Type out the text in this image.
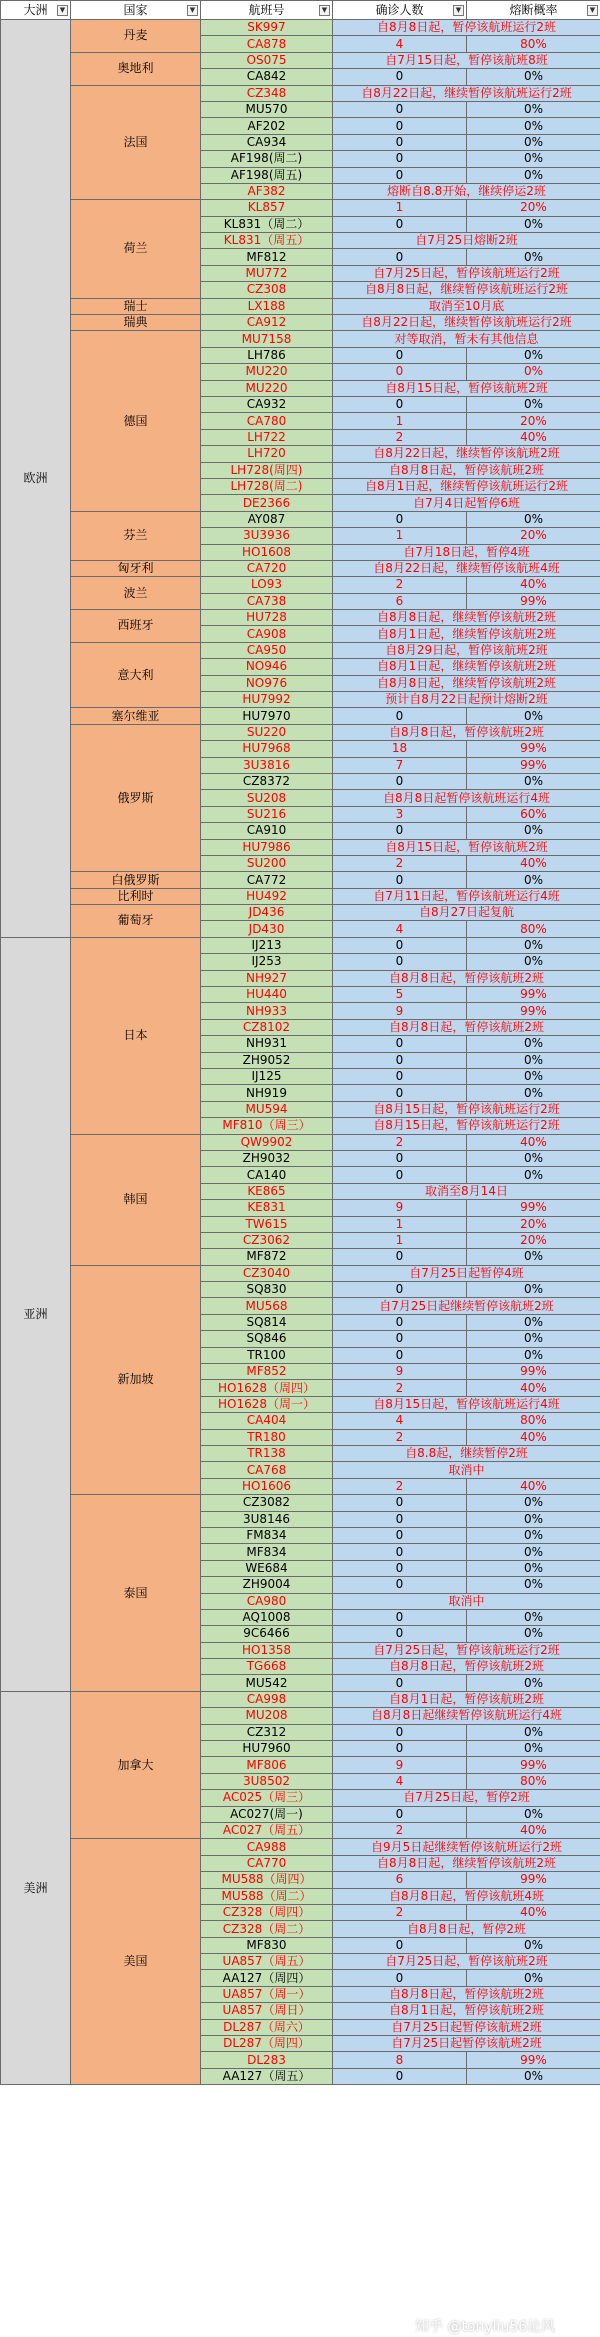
大洲 ▼	国家 ▼	航班号 ▼	确诊人数 ▼	熔断概率 ▼

欧洲	丹麦	SK997	自8月8日起，暂停该航班运行2班	
		CA878	4	80%
	奥地利	OS075	自7月15日起，暂停该航班8班	
		CA842	0	0%
	法国	CZ348	自8月22日起，继续暂停该航班运行2班	
		MU570	0	0%
		AF202	0	0%
		CA934	0	0%
		AF198(周二)	0	0%
		AF198(周五)	0	0%
		AF382	熔断自8.8开始，继续停运2班	
	荷兰	KL857	1	20%
		KL831（周二）	0	0%
		KL831（周五）	自7月25日熔断2班	
		MF812	0	0%
		MU772	自7月25日起，暂停该航班运行2班	
		CZ308	自8月8日起，继续暂停该航班运行2班	
	瑞士	LX188	取消至10月底	
	瑞典	CA912	自8月22日起，继续暂停该航班运行2班	
	德国	MU7158	对等取消，暂未有其他信息	
		LH786	0	0%
		MU220	0	0%
		MU220	自8月15日起，暂停该航班2班	
		CA932	0	0%
		CA780	1	20%
		LH722	2	40%
		LH720	自8月22日起，继续暂停该航班2班	
		LH728(周四)	自8月8日起，暂停该航班2班	
		LH728(周二)	自8月1日起，继续暂停该航班运行2班	
		DE2366	自7月4日起暂停6班	
	芬兰	AY087	0	0%
		3U3936	1	20%
		HO1608	自7月18日起，暂停4班	
	匈牙利	CA720	自8月22日起，继续暂停该航班4班	
	波兰	LO93	2	40%
		CA738	6	99%
	西班牙	HU728	自8月8日起，继续暂停该航班2班	
		CA908	自8月1日起，继续暂停该航班2班	
	意大利	CA950	自8月29日起，暂停该航班2班	
		NO946	自8月1日起，继续暂停该航班2班	
		NO976	自8月8日起，继续暂停该航班2班	
		HU7992	预计自8月22日起预计熔断2班	
	塞尔维亚	HU7970	0	0%
	俄罗斯	SU220	自8月8日起，暂停该航班2班	
		HU7968	18	99%
		3U3816	7	99%
		CZ8372	0	0%
		SU208	自8月8日起暂停该航班运行4班	
		SU216	3	60%
		CA910	0	0%
		HU7986	自8月15日起，暂停该航班2班	
		SU200	2	40%
	白俄罗斯	CA772	0	0%
	比利时	HU492	自7月11日起，暂停该航班运行4班	
	葡萄牙	JD436	自8月27日起复航	
		JD430	4	80%
亚洲	日本	IJ213	0	0%
		IJ253	0	0%
		NH927	自8月8日起，暂停该航班2班	
		HU440	5	99%
		NH933	9	99%
		CZ8102	自8月8日起，暂停该航班2班	
		NH931	0	0%
		ZH9052	0	0%
		IJ125	0	0%
		NH919	0	0%
		MU594	自8月15日起，暂停该航班运行2班	
		MF810（周三）	自8月15日起，暂停该航班运行2班	
	韩国	QW9902	2	40%
		ZH9032	0	0%
		CA140	0	0%
		KE865	取消至8月14日	
		KE831	9	99%
		TW615	1	20%
		CZ3062	1	20%
		MF872	0	0%
	新加坡	CZ3040	自7月25日起暂停4班	
		SQ830	0	0%
		MU568	自7月25日起继续暂停该航班2班	
		SQ814	0	0%
		SQ846	0	0%
		TR100	0	0%
		MF852	9	99%
		HO1628（周四）	2	40%
		HO1628（周一）	自8月15日起，暂停该航班运行4班	
		CA404	4	80%
		TR180	2	40%
		TR138	自8.8起，继续暂停2班	
		CA768	取消中	
		HO1606	2	40%
	泰国	CZ3082	0	0%
		3U8146	0	0%
		FM834	0	0%
		MF834	0	0%
		WE684	0	0%
		ZH9004	0	0%
		CA980	取消中	
		AQ1008	0	0%
		9C6466	0	0%
		HO1358	自7月25日起，暂停该航班运行2班	
		TG668	自8月8日起，暂停该航班2班	
		MU542	0	0%
美洲	加拿大	CA998	自8月1日起，暂停该航班2班	
		MU208	自8月8日起继续暂停该航班运行4班	
		CZ312	0	0%
		HU7960	0	0%
		MF806	9	99%
		3U8502	4	80%
		AC025（周三）	自7月25日起，暂停2班	
		AC027(周一)	0	0%
		AC027（周五）	2	40%
	美国	CA988	自9月5日起继续暂停该航班运行2班	
		CA770	自8月8日起，继续暂停该航班2班	
		MU588（周四）	6	99%
		MU588（周二）	自8月8日起，暂停该航班4班	
		CZ328（周四）	2	40%
		CZ328（周二）	自8月8日起，暂停2班	
		MF830	0	0%
		UA857（周五）	自7月25日起，暂停该航班2班	
		AA127（周四）	0	0%
		UA857（周一）	自8月8日起，暂停该航班2班	
		UA857（周日）	自8月1日起，暂停该航班2班	
		DL287（周六）	自7月25日起暂停该航班2班	
		DL287（周四）	自7月25日起暂停该航班2班	
		DL283	8	99%
		AA127（周五）	0	0%
知乎 @tonyliu56论风
